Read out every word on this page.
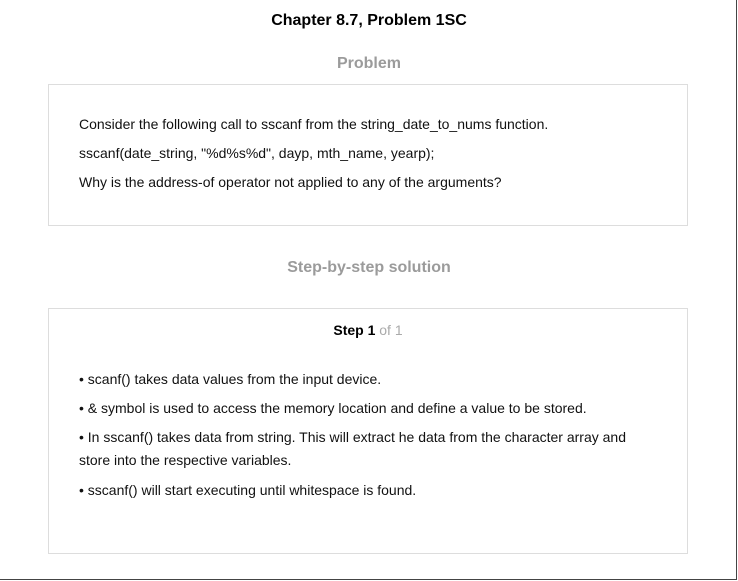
Chapter 8.7, Problem 1SC
Problem
Consider the following call to sscanf from the string_date_to_nums function.
sscanf(date_string, "%d%s%d", dayp, mth_name, yearp);
Why is the address-of operator not applied to any of the arguments?
Step-by-step solution
Step 1 of 1
• scanf() takes data values from the input device.
• & symbol is used to access the memory location and define a value to be stored.
• In sscanf() takes data from string. This will extract he data from the character array and store into the respective variables.
• sscanf() will start executing until whitespace is found.
